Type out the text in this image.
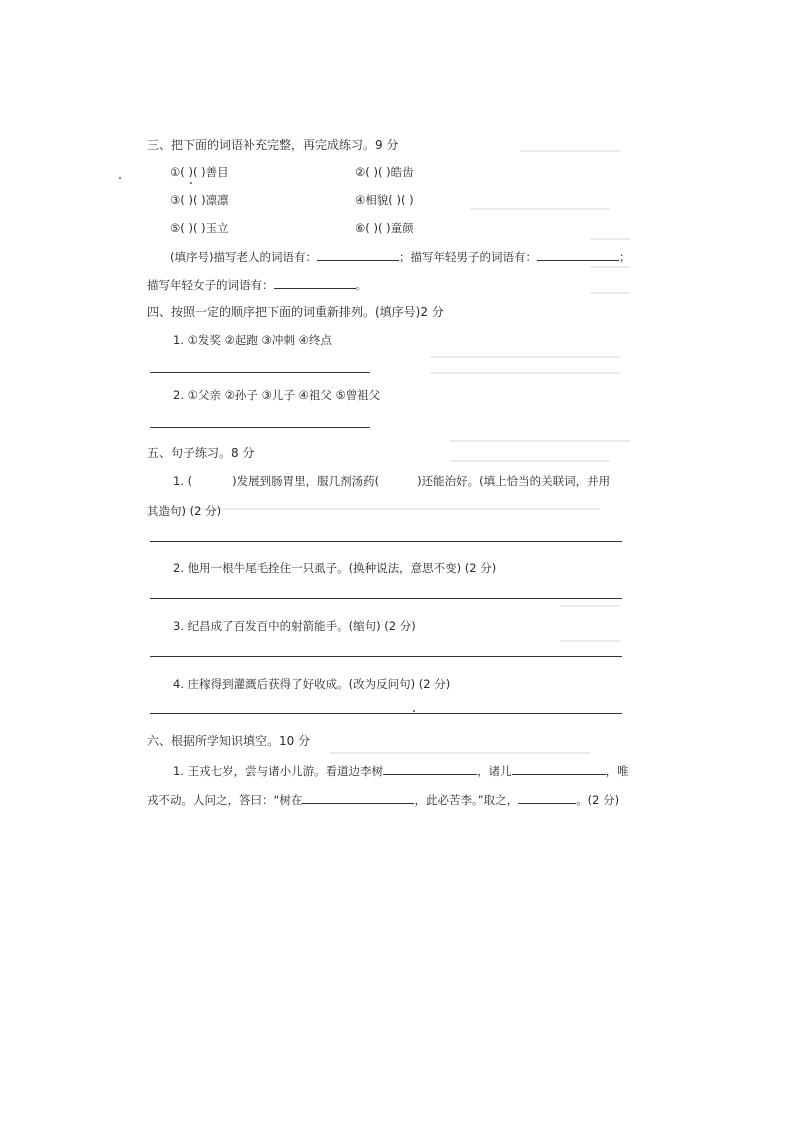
三、把下面的词语补充完整，再完成练习。9 分
①( )( )善目	②( )( )皓齿
③( )( )凛凛	④相貌( )( )
⑤( )( )玉立	⑥( )( )童颜
(填序号)描写老人的词语有：	；描写年轻男子的词语有：	；
描写年轻女子的词语有：	。
四、按照一定的顺序把下面的词重新排列。(填序号)2 分
1. ①发奖 ②起跑 ③冲刺 ④终点
2. ①父亲 ②孙子 ③儿子 ④祖父 ⑤曾祖父
五、句子练习。8 分
1. (	)发展到肠胃里，服几剂汤药(	)还能治好。(填上恰当的关联词，并用
其造句) (2 分)
2. 他用一根牛尾毛拴住一只虱子。(换种说法，意思不变) (2 分)
3. 纪昌成了百发百中的射箭能手。(缩句) (2 分)
4. 庄稼得到灌溉后获得了好收成。(改为反问句) (2 分)
六、根据所学知识填空。10 分
1. 王戎七岁，尝与诸小儿游。看道边李树	，诸儿	，唯
戎不动。人问之，答曰：“树在	，此必苦李。”取之，	。(2 分)
